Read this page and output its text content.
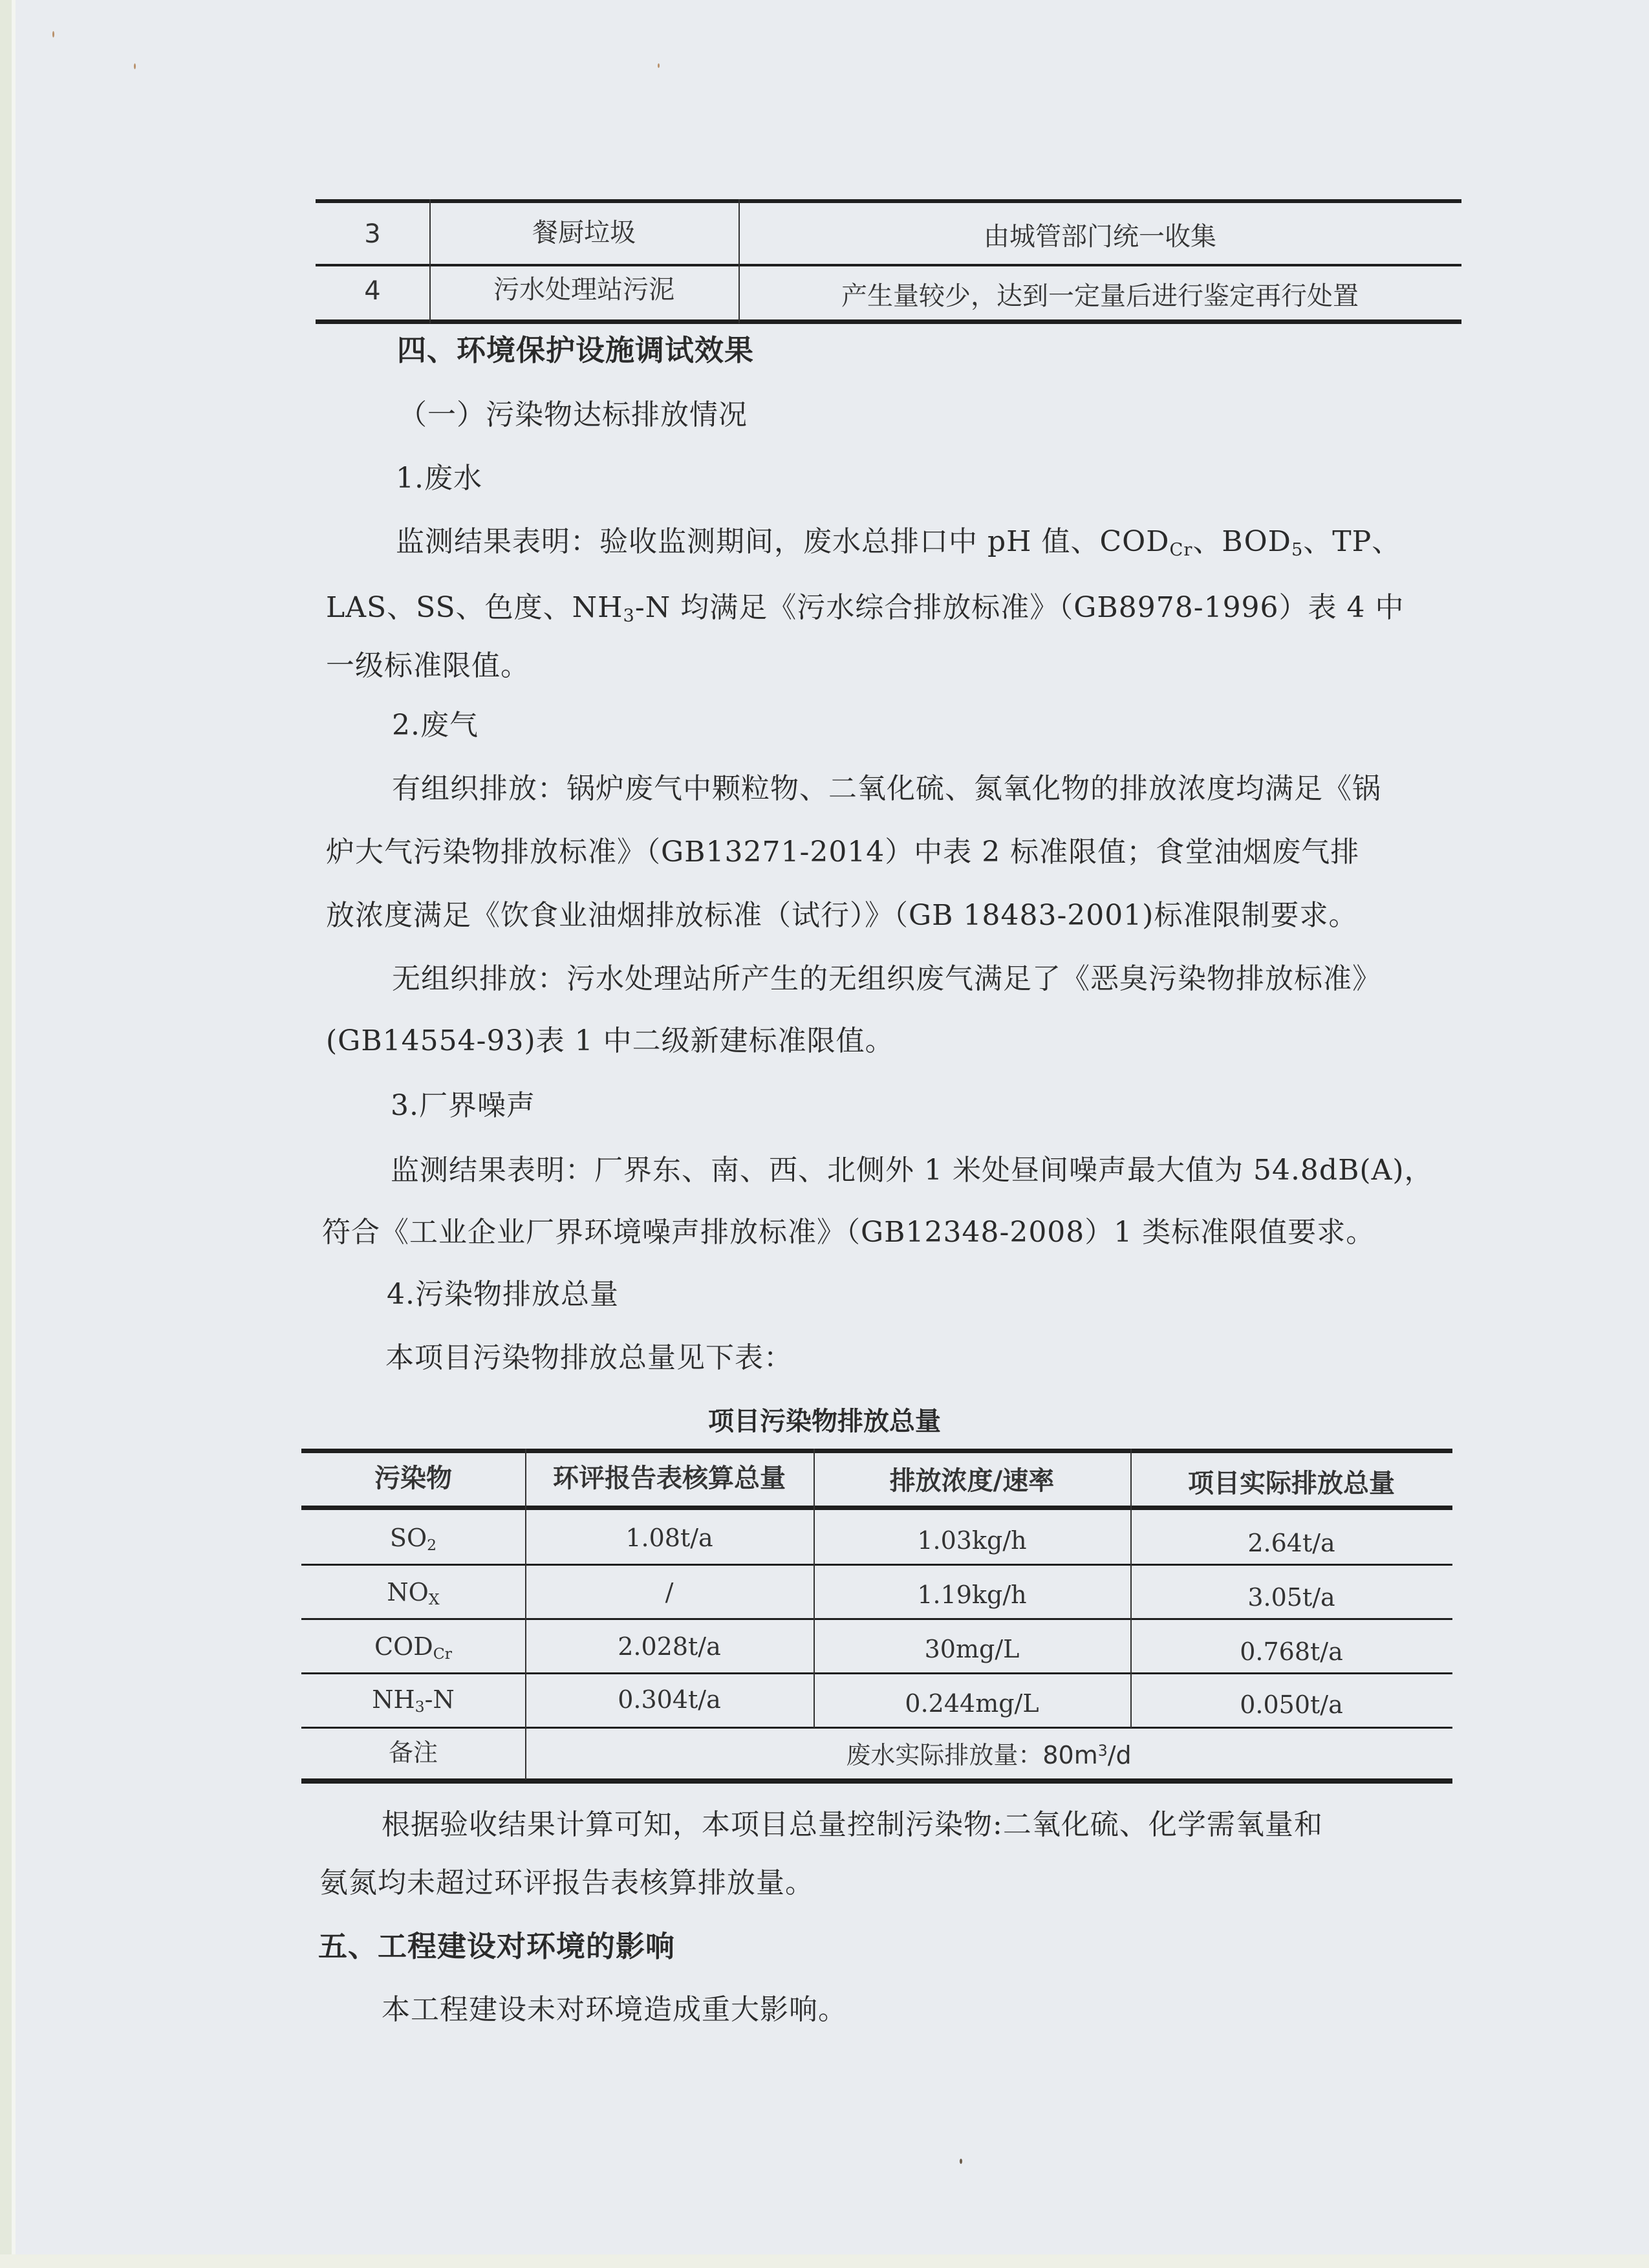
3	餐厨垃圾	由城管部门统一收集
4	污水处理站污泥	产生量较少，达到一定量后进行鉴定再行处置
四、环境保护设施调试效果
（一）污染物达标排放情况
1.废水
监测结果表明：验收监测期间，废水总排口中 pH 值、$COD_{Cr}$、$BOD_5$、TP、
LAS、SS、色度、$NH_3-N$ 均满足《污水综合排放标准》（GB8978-1996）表 4 中
一级标准限值。
2.废气
有组织排放：锅炉废气中颗粒物、二氧化硫、氮氧化物的排放浓度均满足《锅
炉大气污染物排放标准》（GB13271-2014）中表 2 标准限值；食堂油烟废气排
放浓度满足《饮食业油烟排放标准（试行）》（GB 18483-2001)标准限制要求。
无组织排放：污水处理站所产生的无组织废气满足了《恶臭污染物排放标准》
(GB14554-93)表 1 中二级新建标准限值。
3.厂界噪声
监测结果表明：厂界东、南、西、北侧外 1 米处昼间噪声最大值为 54.8dB(A)，
符合《工业企业厂界环境噪声排放标准》（GB12348-2008）1 类标准限值要求。
4.污染物排放总量
本项目污染物排放总量见下表：
项目污染物排放总量
污染物	环评报告表核算总量	排放浓度/速率	项目实际排放总量
$SO_2$	1.08t/a	1.03kg/h	2.64t/a
$NO_X$	/	1.19kg/h	3.05t/a
$COD_{Cr}$	2.028t/a	30mg/L	0.768t/a
$NH_3-N$	0.304t/a	0.244mg/L	0.050t/a
备注	废水实际排放量：$80m^3/d$
根据验收结果计算可知，本项目总量控制污染物:二氧化硫、化学需氧量和
氨氮均未超过环评报告表核算排放量。
五、工程建设对环境的影响
本工程建设未对环境造成重大影响。
